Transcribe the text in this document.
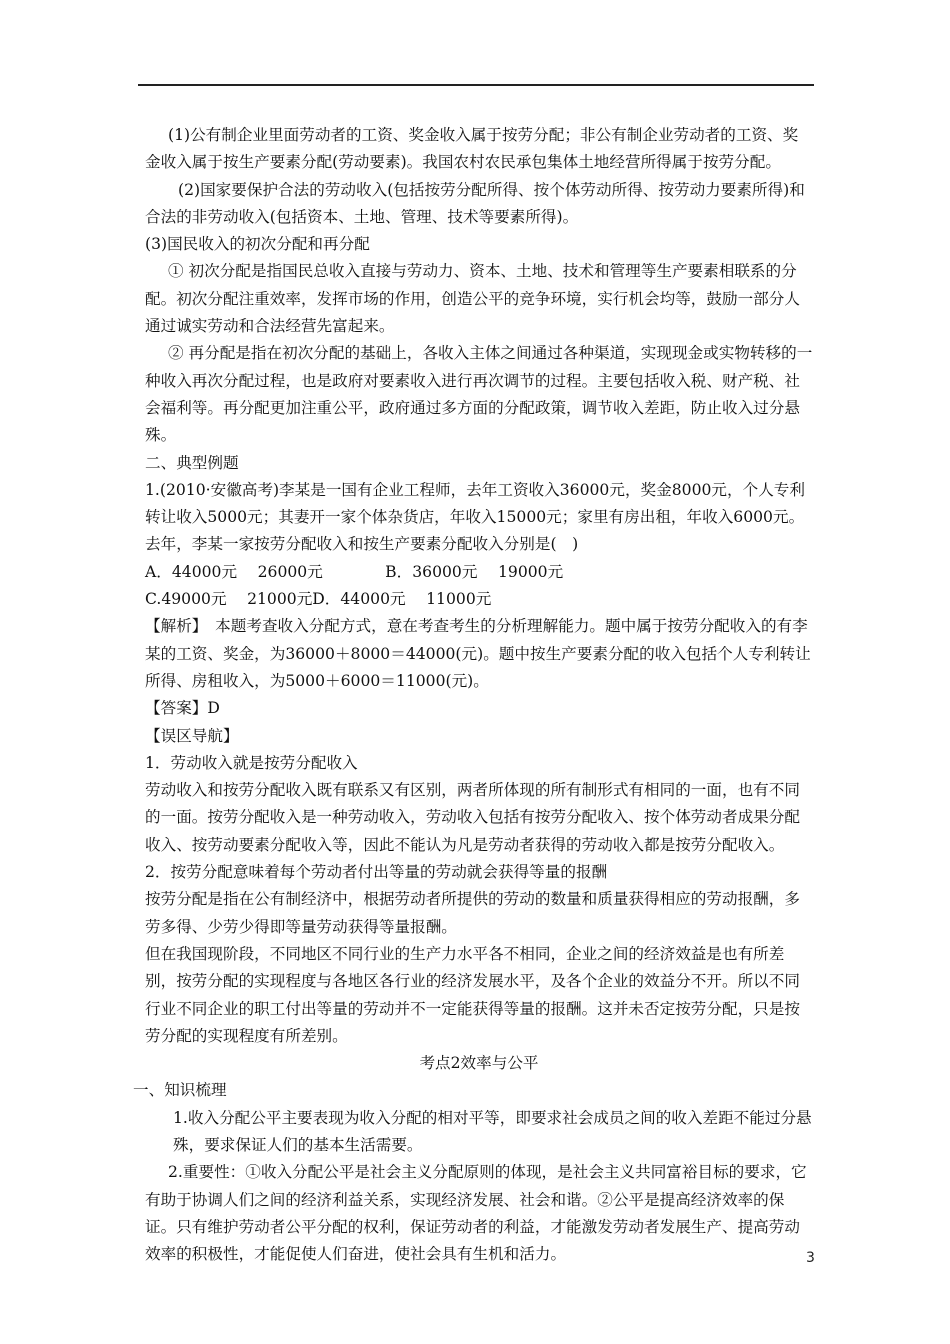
(1)公有制企业里面劳动者的工资、奖金收入属于按劳分配；非公有制企业劳动者的工资、奖金收入属于按生产要素分配(劳动要素)。我国农村农民承包集体土地经营所得属于按劳分配。

(2)国家要保护合法的劳动收入(包括按劳分配所得、按个体劳动所得、按劳动力要素所得)和合法的非劳动收入(包括资本、土地、管理、技术等要素所得)。

(3)国民收入的初次分配和再分配

① 初次分配是指国民总收入直接与劳动力、资本、土地、技术和管理等生产要素相联系的分配。初次分配注重效率，发挥市场的作用，创造公平的竞争环境，实行机会均等，鼓励一部分人通过诚实劳动和合法经营先富起来。

② 再分配是指在初次分配的基础上，各收入主体之间通过各种渠道，实现现金或实物转移的一种收入再次分配过程，也是政府对要素收入进行再次调节的过程。主要包括收入税、财产税、社会福利等。再分配更加注重公平，政府通过多方面的分配政策，调节收入差距，防止收入过分悬殊。

二、典型例题

1.(2010·安徽高考)李某是一国有企业工程师，去年工资收入36000元，奖金8000元，个人专利转让收入5000元；其妻开一家个体杂货店，年收入15000元；家里有房出租，年收入6000元。去年，李某一家按劳分配收入和按生产要素分配收入分别是(　)

A．44000元　 26000元　　　　B．36000元　 19000元

C.49000元　 21000元D．44000元　 11000元

【解析】　本题考查收入分配方式，意在考查考生的分析理解能力。题中属于按劳分配收入的有李某的工资、奖金，为36000＋8000＝44000(元)。题中按生产要素分配的收入包括个人专利转让所得、房租收入，为5000＋6000＝11000(元)。

【答案】D

【误区导航】

1．劳动收入就是按劳分配收入

劳动收入和按劳分配收入既有联系又有区别，两者所体现的所有制形式有相同的一面，也有不同的一面。按劳分配收入是一种劳动收入，劳动收入包括有按劳分配收入、按个体劳动者成果分配收入、按劳动要素分配收入等，因此不能认为凡是劳动者获得的劳动收入都是按劳分配收入。

2．按劳分配意味着每个劳动者付出等量的劳动就会获得等量的报酬

按劳分配是指在公有制经济中，根据劳动者所提供的劳动的数量和质量获得相应的劳动报酬，多劳多得、少劳少得即等量劳动获得等量报酬。

但在我国现阶段，不同地区不同行业的生产力水平各不相同，企业之间的经济效益是也有所差别，按劳分配的实现程度与各地区各行业的经济发展水平，及各个企业的效益分不开。所以不同行业不同企业的职工付出等量的劳动并不一定能获得等量的报酬。这并未否定按劳分配，只是按劳分配的实现程度有所差别。

考点2效率与公平

一、知识梳理

1.收入分配公平主要表现为收入分配的相对平等，即要求社会成员之间的收入差距不能过分悬殊，要求保证人们的基本生活需要。

2.重要性：①收入分配公平是社会主义分配原则的体现，是社会主义共同富裕目标的要求，它有助于协调人们之间的经济利益关系，实现经济发展、社会和谐。②公平是提高经济效率的保证。只有维护劳动者公平分配的权利，保证劳动者的利益，才能激发劳动者发展生产、提高劳动效率的积极性，才能促使人们奋进，使社会具有生机和活力。	3
